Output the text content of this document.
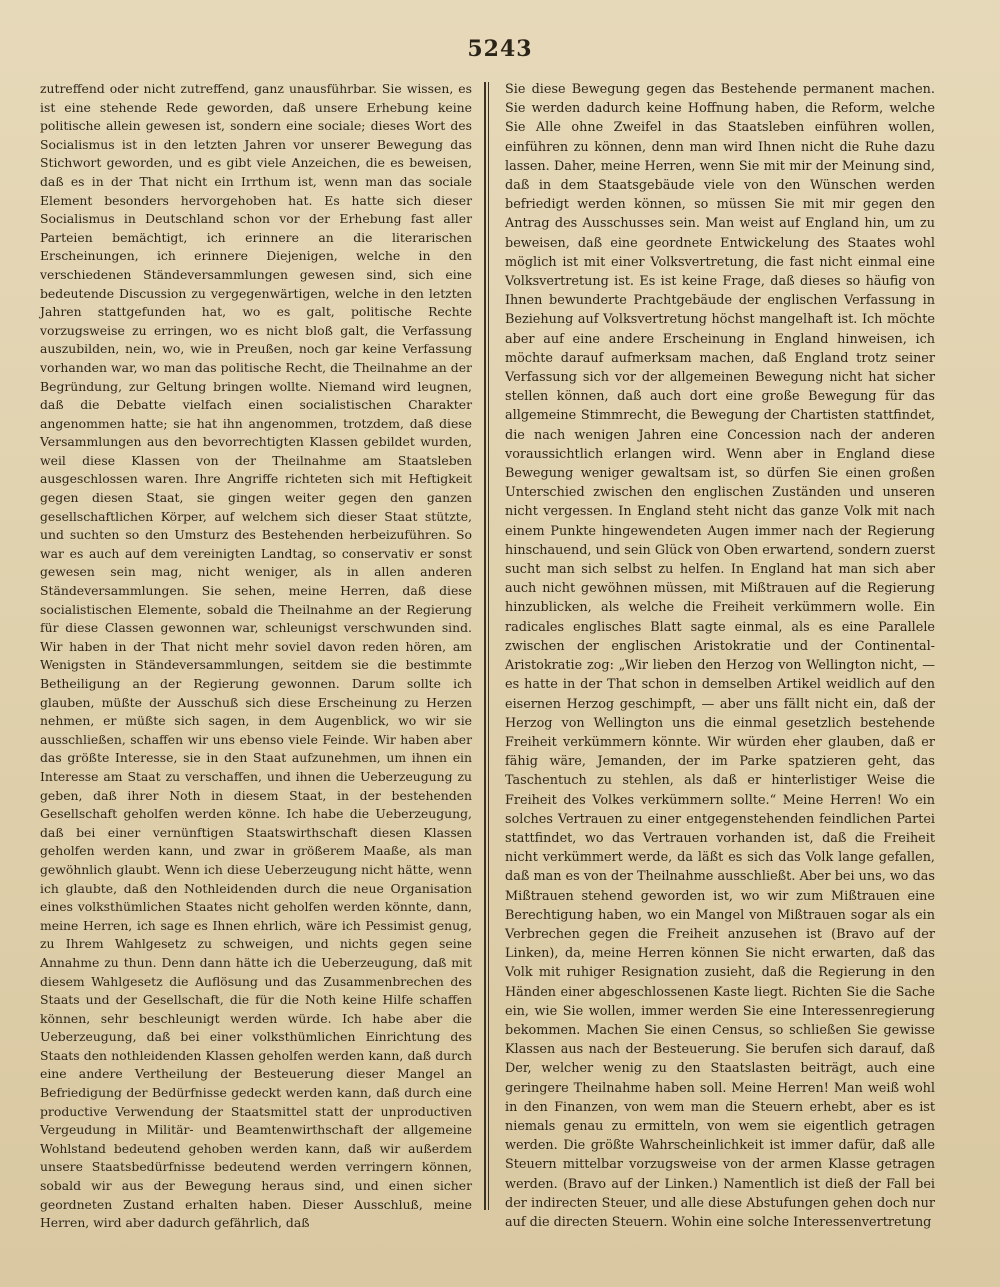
5243

zutreffend oder nicht zutreffend, ganz unausführbar. Sie wissen, es ist eine stehende Rede geworden, daß unsere Erhebung keine politische allein gewesen ist, sondern eine sociale; dieses Wort des Socialismus ist in den letzten Jahren vor unserer Bewegung das Stichwort geworden, und es gibt viele Anzeichen, die es beweisen, daß es in der That nicht ein Irrthum ist, wenn man das sociale Element besonders hervorgehoben hat. Es hatte sich dieser Socialismus in Deutschland schon vor der Erhebung fast aller Parteien bemächtigt, ich erinnere an die literarischen Erscheinungen, ich erinnere Diejenigen, welche in den verschiedenen Ständeversammlungen gewesen sind, sich eine bedeutende Discussion zu vergegenwärtigen, welche in den letzten Jahren stattgefunden hat, wo es galt, politische Rechte vorzugsweise zu erringen, wo es nicht bloß galt, die Verfassung auszubilden, nein, wo, wie in Preußen, noch gar keine Verfassung vorhanden war, wo man das politische Recht, die Theilnahme an der Begründung, zur Geltung bringen wollte. Niemand wird leugnen, daß die Debatte vielfach einen socialistischen Charakter angenommen hatte; sie hat ihn angenommen, trotzdem, daß diese Versammlungen aus den bevorrechtigten Klassen gebildet wurden, weil diese Klassen von der Theilnahme am Staatsleben ausgeschlossen waren. Ihre Angriffe richteten sich mit Heftigkeit gegen diesen Staat, sie gingen weiter gegen den ganzen gesellschaftlichen Körper, auf welchem sich dieser Staat stützte, und suchten so den Umsturz des Bestehenden herbeizuführen. So war es auch auf dem vereinigten Landtag, so conservativ er sonst gewesen sein mag, nicht weniger, als in allen anderen Ständeversammlungen. Sie sehen, meine Herren, daß diese socialistischen Elemente, sobald die Theilnahme an der Regierung für diese Classen gewonnen war, schleunigst verschwunden sind. Wir haben in der That nicht mehr soviel davon reden hören, am Wenigsten in Ständeversammlungen, seitdem sie die bestimmte Betheiligung an der Regierung gewonnen. Darum sollte ich glauben, müßte der Ausschuß sich diese Erscheinung zu Herzen nehmen, er müßte sich sagen, in dem Augenblick, wo wir sie ausschließen, schaffen wir uns ebenso viele Feinde. Wir haben aber das größte Interesse, sie in den Staat aufzunehmen, um ihnen ein Interesse am Staat zu verschaffen, und ihnen die Ueberzeugung zu geben, daß ihrer Noth in diesem Staat, in der bestehenden Gesellschaft geholfen werden könne. Ich habe die Ueberzeugung, daß bei einer vernünftigen Staatswirthschaft diesen Klassen geholfen werden kann, und zwar in größerem Maaße, als man gewöhnlich glaubt. Wenn ich diese Ueberzeugung nicht hätte, wenn ich glaubte, daß den Nothleidenden durch die neue Organisation eines volksthümlichen Staates nicht geholfen werden könnte, dann, meine Herren, ich sage es Ihnen ehrlich, wäre ich Pessimist genug, zu Ihrem Wahlgesetz zu schweigen, und nichts gegen seine Annahme zu thun. Denn dann hätte ich die Ueberzeugung, daß mit diesem Wahlgesetz die Auflösung und das Zusammenbrechen des Staats und der Gesellschaft, die für die Noth keine Hilfe schaffen können, sehr beschleunigt werden würde. Ich habe aber die Ueberzeugung, daß bei einer volksthümlichen Einrichtung des Staats den nothleidenden Klassen geholfen werden kann, daß durch eine andere Vertheilung der Besteuerung dieser Mangel an Befriedigung der Bedürfnisse gedeckt werden kann, daß durch eine productive Verwendung der Staatsmittel statt der unproductiven Vergeudung in Militär- und Beamtenwirthschaft der allgemeine Wohlstand bedeutend gehoben werden kann, daß wir außerdem unsere Staatsbedürfnisse bedeutend werden verringern können, sobald wir aus der Bewegung heraus sind, und einen sicher geordneten Zustand erhalten haben. Dieser Ausschluß, meine Herren, wird aber dadurch gefährlich, daß

Sie diese Bewegung gegen das Bestehende permanent machen. Sie werden dadurch keine Hoffnung haben, die Reform, welche Sie Alle ohne Zweifel in das Staatsleben einführen wollen, einführen zu können, denn man wird Ihnen nicht die Ruhe dazu lassen. Daher, meine Herren, wenn Sie mit mir der Meinung sind, daß in dem Staatsgebäude viele von den Wünschen werden befriedigt werden können, so müssen Sie mit mir gegen den Antrag des Ausschusses sein. Man weist auf England hin, um zu beweisen, daß eine geordnete Entwickelung des Staates wohl möglich ist mit einer Volksvertretung, die fast nicht einmal eine Volksvertretung ist. Es ist keine Frage, daß dieses so häufig von Ihnen bewunderte Prachtgebäude der englischen Verfassung in Beziehung auf Volksvertretung höchst mangelhaft ist. Ich möchte aber auf eine andere Erscheinung in England hinweisen, ich möchte darauf aufmerksam machen, daß England trotz seiner Verfassung sich vor der allgemeinen Bewegung nicht hat sicher stellen können, daß auch dort eine große Bewegung für das allgemeine Stimmrecht, die Bewegung der Chartisten stattfindet, die nach wenigen Jahren eine Concession nach der anderen voraussichtlich erlangen wird. Wenn aber in England diese Bewegung weniger gewaltsam ist, so dürfen Sie einen großen Unterschied zwischen den englischen Zuständen und unseren nicht vergessen. In England steht nicht das ganze Volk mit nach einem Punkte hingewendeten Augen immer nach der Regierung hinschauend, und sein Glück von Oben erwartend, sondern zuerst sucht man sich selbst zu helfen. In England hat man sich aber auch nicht gewöhnen müssen, mit Mißtrauen auf die Regierung hinzublicken, als welche die Freiheit verkümmern wolle. Ein radicales englisches Blatt sagte einmal, als es eine Parallele zwischen der englischen Aristokratie und der Continental-Aristokratie zog: „Wir lieben den Herzog von Wellington nicht, — es hatte in der That schon in demselben Artikel weidlich auf den eisernen Herzog geschimpft, — aber uns fällt nicht ein, daß der Herzog von Wellington uns die einmal gesetzlich bestehende Freiheit verkümmern könnte. Wir würden eher glauben, daß er fähig wäre, Jemanden, der im Parke spatzieren geht, das Taschentuch zu stehlen, als daß er hinterlistiger Weise die Freiheit des Volkes verkümmern sollte.“ Meine Herren! Wo ein solches Vertrauen zu einer entgegenstehenden feindlichen Partei stattfindet, wo das Vertrauen vorhanden ist, daß die Freiheit nicht verkümmert werde, da läßt es sich das Volk lange gefallen, daß man es von der Theilnahme ausschließt. Aber bei uns, wo das Mißtrauen stehend geworden ist, wo wir zum Mißtrauen eine Berechtigung haben, wo ein Mangel von Mißtrauen sogar als ein Verbrechen gegen die Freiheit anzusehen ist (Bravo auf der Linken), da, meine Herren können Sie nicht erwarten, daß das Volk mit ruhiger Resignation zusieht, daß die Regierung in den Händen einer abgeschlossenen Kaste liegt. Richten Sie die Sache ein, wie Sie wollen, immer werden Sie eine Interessenregierung bekommen. Machen Sie einen Census, so schließen Sie gewisse Klassen aus nach der Besteuerung. Sie berufen sich darauf, daß Der, welcher wenig zu den Staatslasten beiträgt, auch eine geringere Theilnahme haben soll. Meine Herren! Man weiß wohl in den Finanzen, von wem man die Steuern erhebt, aber es ist niemals genau zu ermitteln, von wem sie eigentlich getragen werden. Die größte Wahrscheinlichkeit ist immer dafür, daß alle Steuern mittelbar vorzugsweise von der armen Klasse getragen werden. (Bravo auf der Linken.) Namentlich ist dieß der Fall bei der indirecten Steuer, und alle diese Abstufungen gehen doch nur auf die directen Steuern. Wohin eine solche Interessenvertretung
